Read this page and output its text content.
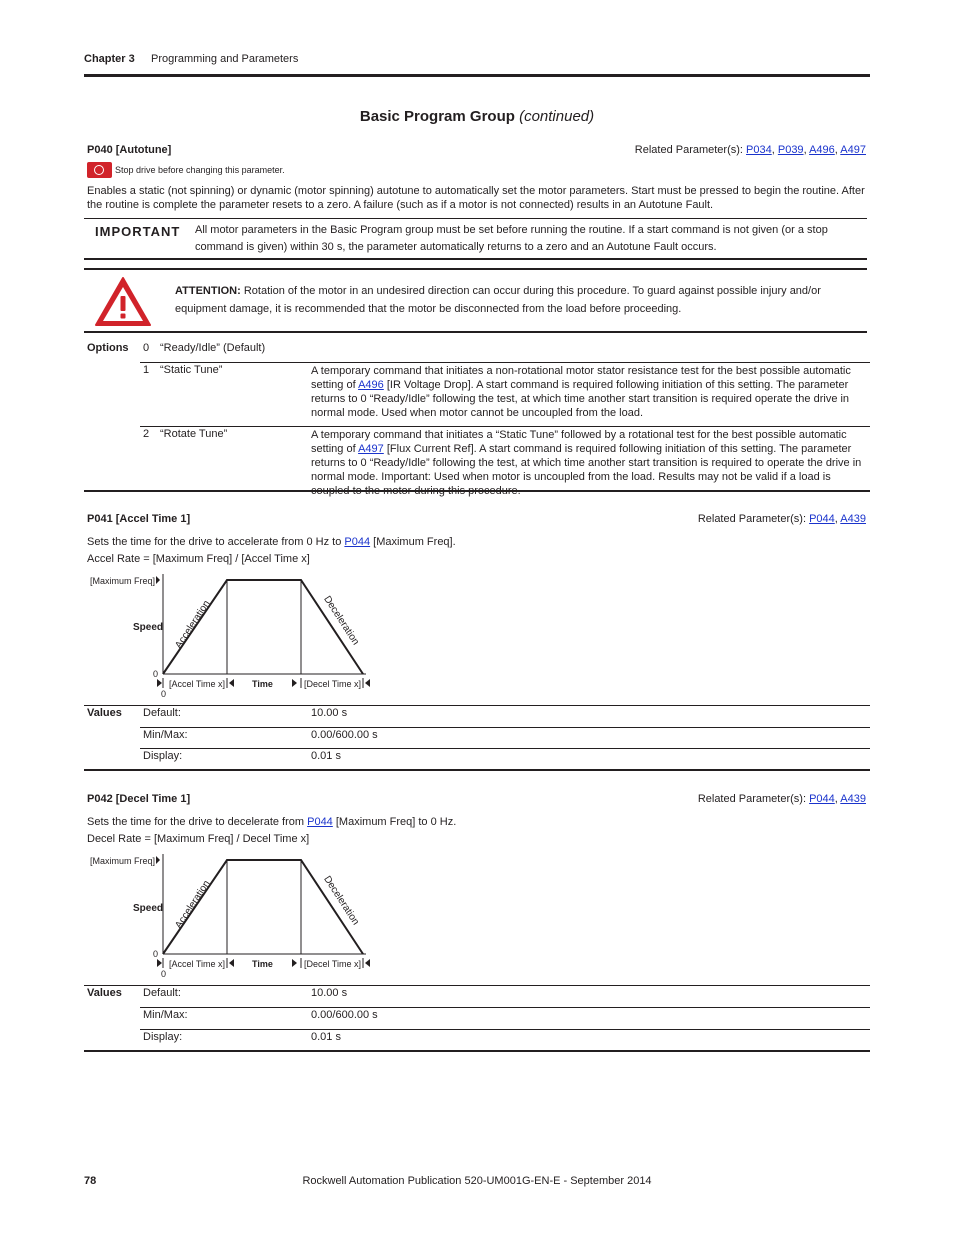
Chapter 3 Programming and Parameters
Basic Program Group (continued)
P040 [Autotune]	Related Parameter(s): P034, P039, A496, A497
Stop drive before changing this parameter.
Enables a static (not spinning) or dynamic (motor spinning) autotune to automatically set the motor parameters. Start must be pressed to begin the routine. After the routine is complete the parameter resets to a zero. A failure (such as if a motor is not connected) results in an Autotune Fault.
IMPORTANT All motor parameters in the Basic Program group must be set before running the routine. If a start command is not given (or a stop command is given) within 30 s, the parameter automatically returns to a zero and an Autotune Fault occurs.
ATTENTION: Rotation of the motor in an undesired direction can occur during this procedure. To guard against possible injury and/or equipment damage, it is recommended that the motor be disconnected from the load before proceeding.
Options 0 “Ready/Idle” (Default)
1 “Static Tune”	A temporary command that initiates a non-rotational motor stator resistance test for the best possible automatic setting of A496 [IR Voltage Drop]. A start command is required following initiation of this setting. The parameter returns to 0 “Ready/Idle” following the test, at which time another start transition is required operate the drive in normal mode. Used when motor cannot be uncoupled from the load.
2 “Rotate Tune”	A temporary command that initiates a “Static Tune” followed by a rotational test for the best possible automatic setting of A497 [Flux Current Ref]. A start command is required following initiation of this setting. The parameter returns to 0 “Ready/Idle” following the test, at which time another start transition is required to operate the drive in normal mode. Important: Used when motor is uncoupled from the load. Results may not be valid if a load is
P041 [Accel Time 1]	Related Parameter(s): P044, A439
Sets the time for the drive to accelerate from 0 Hz to P044 [Maximum Freq].
Accel Rate = [Maximum Freq] / [Accel Time x]
[Maximum Freq]
Speed
0
0
Acceleration	Deceleration
[Accel Time x]	Time	[Decel Time x]
Values Default:	10.00 s
Min/Max:	0.00/600.00 s
Display:	0.01 s
P042 [Decel Time 1]	Related Parameter(s): P044, A439
Sets the time for the drive to decelerate from P044 [Maximum Freq] to 0 Hz.
Decel Rate = [Maximum Freq] / Decel Time x]
[Maximum Freq]
Speed
0
0
Acceleration	Deceleration
[Accel Time x]	Time	[Decel Time x]
Values Default:	10.00 s
Min/Max:	0.00/600.00 s
Display:	0.01 s
78	Rockwell Automation Publication 520-UM001G-EN-E - September 2014
